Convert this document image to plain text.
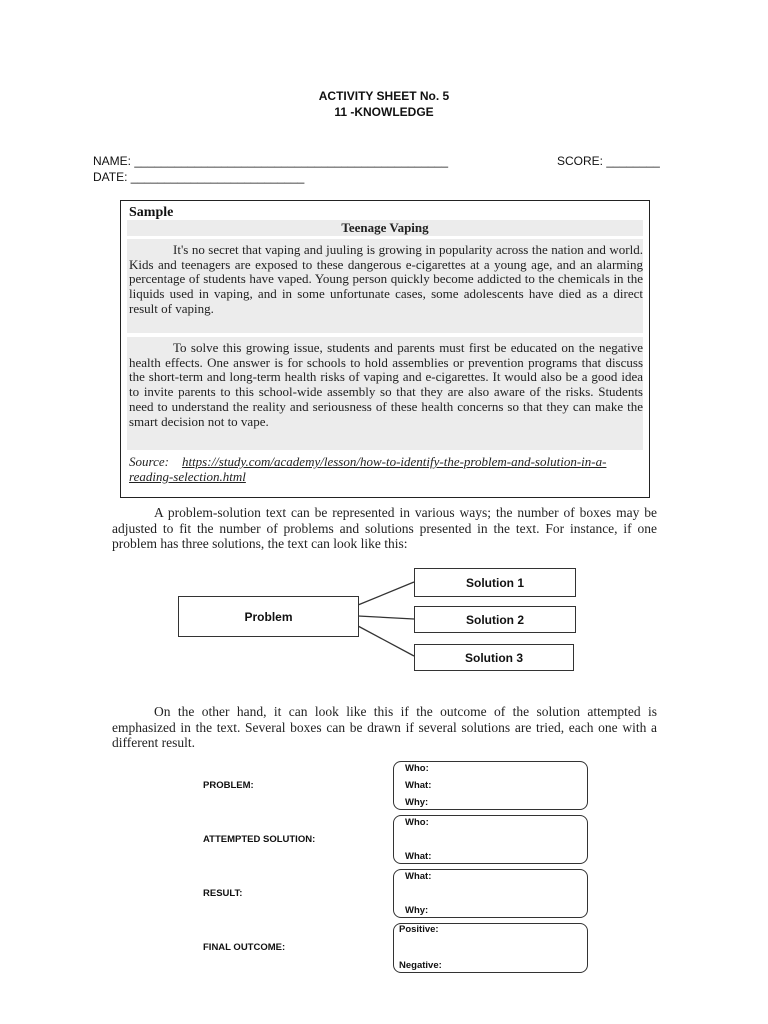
ACTIVITY SHEET No. 5
11 -KNOWLEDGE
NAME: _______________________________________________	SCORE: ________
DATE: __________________________
Sample
Teenage Vaping
It's no secret that vaping and juuling is growing in popularity across the nation and world. Kids and teenagers are exposed to these dangerous e-cigarettes at a young age, and an alarming percentage of students have vaped. Young person quickly become addicted to the chemicals in the liquids used in vaping, and in some unfortunate cases, some adolescents have died as a direct result of vaping.
To solve this growing issue, students and parents must first be educated on the negative health effects. One answer is for schools to hold assemblies or prevention programs that discuss the short-term and long-term health risks of vaping and e-cigarettes. It would also be a good idea to invite parents to this school-wide assembly so that they are also aware of the risks. Students need to understand the reality and seriousness of these health concerns so that they can make the smart decision not to vape.
Source: https://study.com/academy/lesson/how-to-identify-the-problem-and-solution-in-a-reading-selection.html
A problem-solution text can be represented in various ways; the number of boxes may be adjusted to fit the number of problems and solutions presented in the text. For instance, if one problem has three solutions, the text can look like this:
Problem
Solution 1
Solution 2
Solution 3
On the other hand, it can look like this if the outcome of the solution attempted is emphasized in the text. Several boxes can be drawn if several solutions are tried, each one with a different result.
PROBLEM:
Who:
What:
Why:
ATTEMPTED SOLUTION:
Who:
What:
RESULT:
What:
Why:
FINAL OUTCOME:
Positive:
Negative:
